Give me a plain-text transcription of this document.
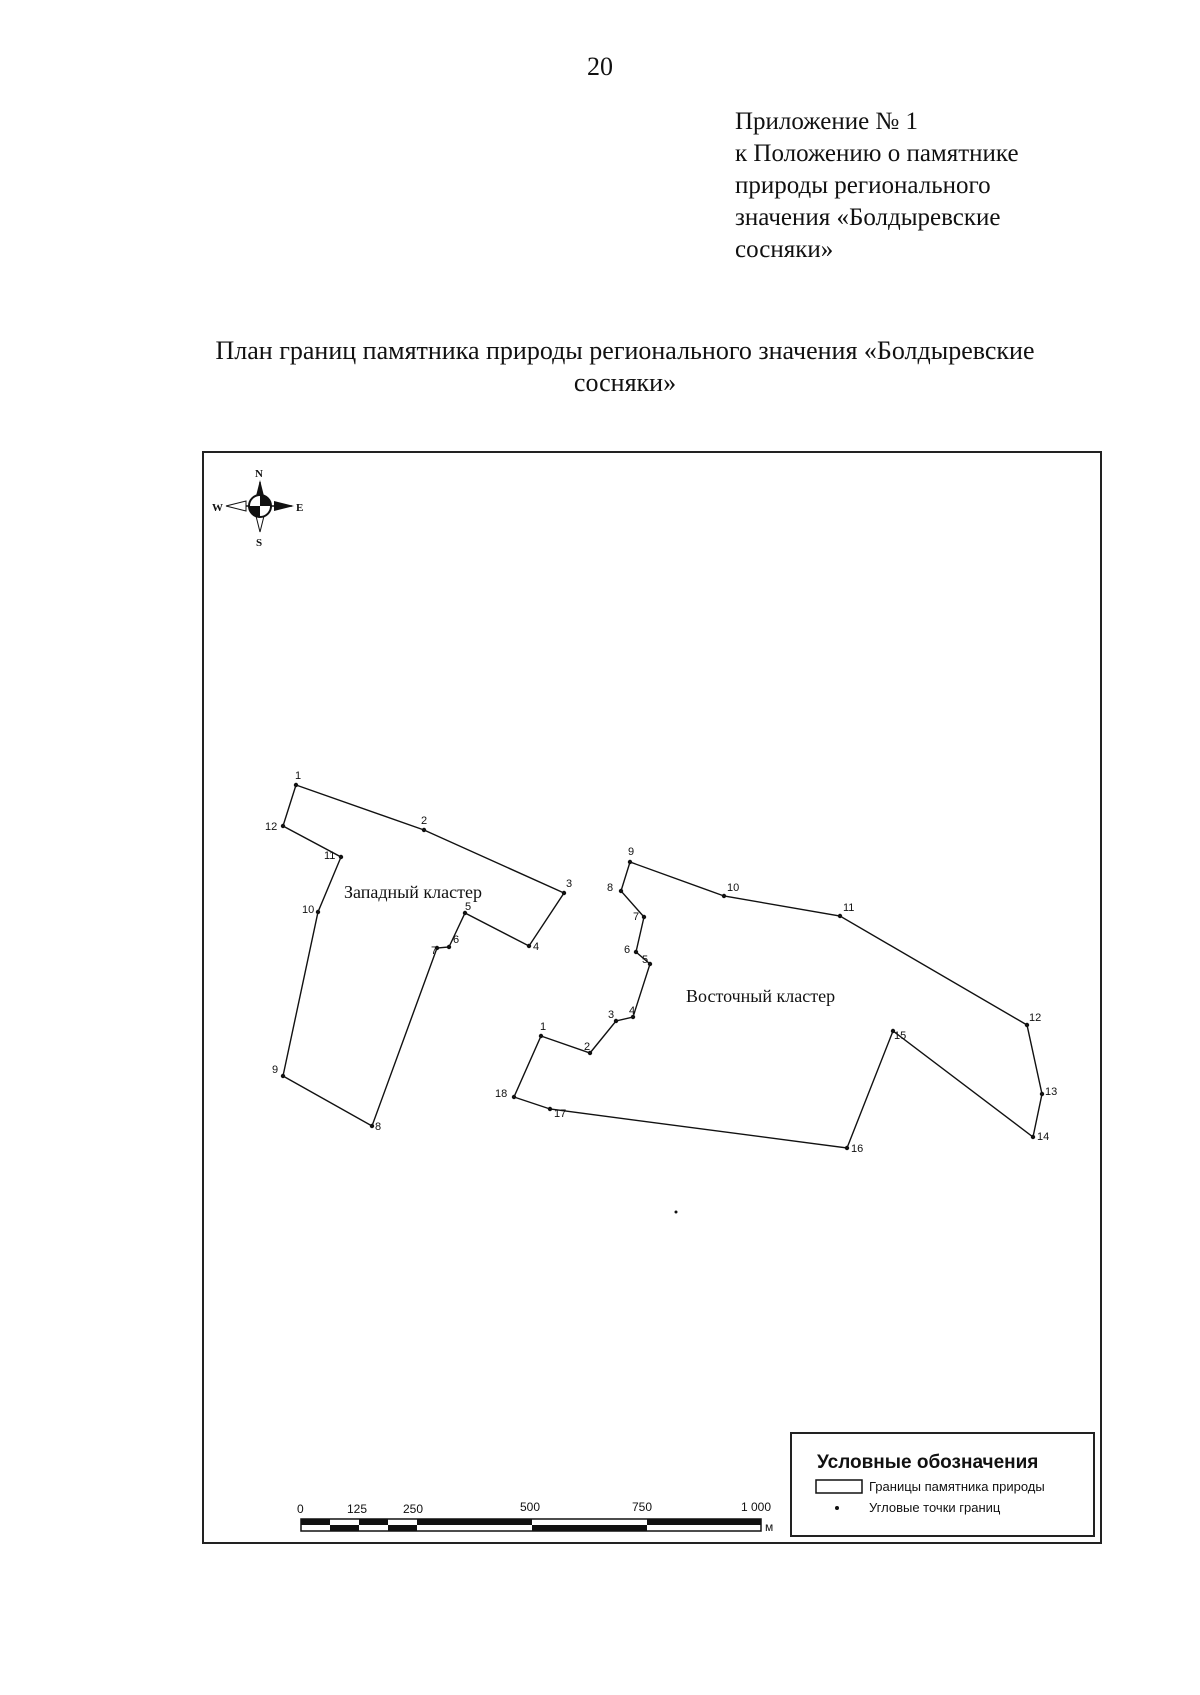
20
Приложение № 1
к Положению о памятнике
природы регионального
значения «Болдыревские
сосняки»
План границ памятника природы регионального значения «Болдыревские
сосняки»
N
S
E
W
1
2
3
4
5
6
7
8
9
10
11
12
1
2
3 4
5
6
7
8
9
10
11
12
13
14
15
16
17
18
Западный кластер
Восточный кластер
0	125	250	500	750	1 000
м
Условные обозначения
Границы памятника природы
Угловые точки границ
